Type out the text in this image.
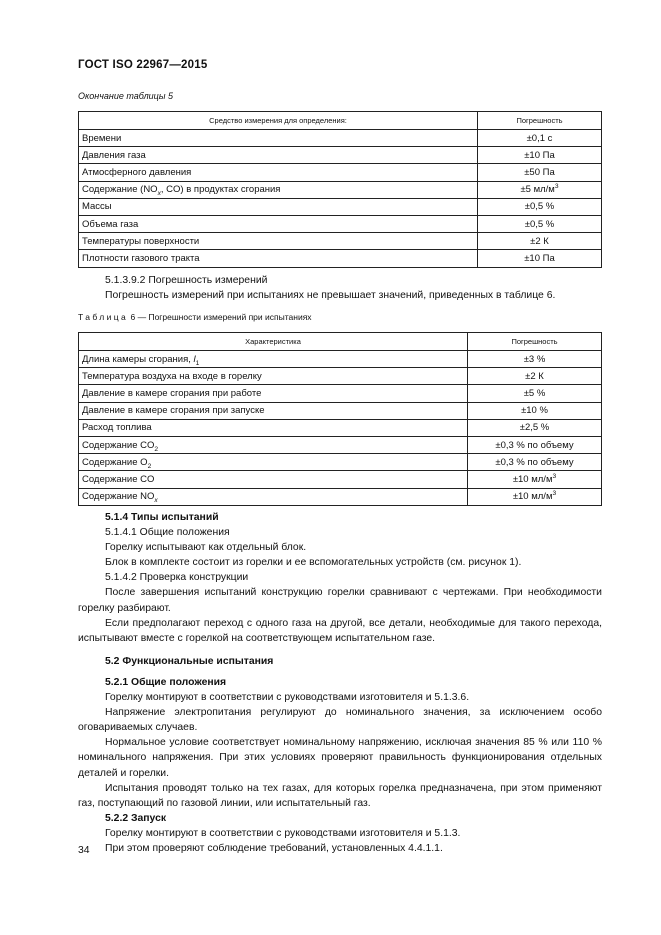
ГОСТ ISO 22967—2015
Окончание таблицы 5
Средство измерения для определения:	Погрешность
Времени	±0,1 с
Давления газа	±10 Па
Атмосферного давления	±50 Па
Содержание ($NO_x$, CO) в продуктах сгорания	±5 $мл/м^3$
Массы	±0,5 %
Объема газа	±0,5 %
Температуры поверхности	±2 К
Плотности газового тракта	±10 Па

5.1.3.9.2 Погрешность измерений

Погрешность измерений при испытаниях не превышает значений, приведенных в таблице 6.

Таблица 6 — Погрешности измерений при испытаниях
Характеристика	Погрешность
Длина камеры сгорания, $l_1$	±3 %
Температура воздуха на входе в горелку	±2 К
Давление в камере сгорания при работе	±5 %
Давление в камере сгорания при запуске	±10 %
Расход топлива	±2,5 %
Содержание $CO_2$	±0,3 % по объему
Содержание $O_2$	±0,3 % по объему
Содержание CO	±10 $мл/м^3$
Содержание $NO_x$	±10 $мл/м^3$

5.1.4 Типы испытаний

5.1.4.1 Общие положения

Горелку испытывают как отдельный блок.

Блок в комплекте состоит из горелки и ее вспомогательных устройств (см. рисунок 1).

5.1.4.2 Проверка конструкции

После завершения испытаний конструкцию горелки сравнивают с чертежами. При необходимости горелку разбирают.

Если предполагают переход с одного газа на другой, все детали, необходимые для такого перехода, испытывают вместе с горелкой на соответствующем испытательном газе.

5.2 Функциональные испытания

5.2.1 Общие положения

Горелку монтируют в соответствии с руководствами изготовителя и 5.1.3.6.

Напряжение электропитания регулируют до номинального значения, за исключением особо оговариваемых случаев.

Нормальное условие соответствует номинальному напряжению, исключая значения 85 % или 110 % номинального напряжения. При этих условиях проверяют правильность функционирования отдельных деталей и горелки.

Испытания проводят только на тех газах, для которых горелка предназначена, при этом применяют газ, поступающий по газовой линии, или испытательный газ.

5.2.2 Запуск

Горелку монтируют в соответствии с руководствами изготовителя и 5.1.3.

При этом проверяют соблюдение требований, установленных 4.4.1.1.

34
